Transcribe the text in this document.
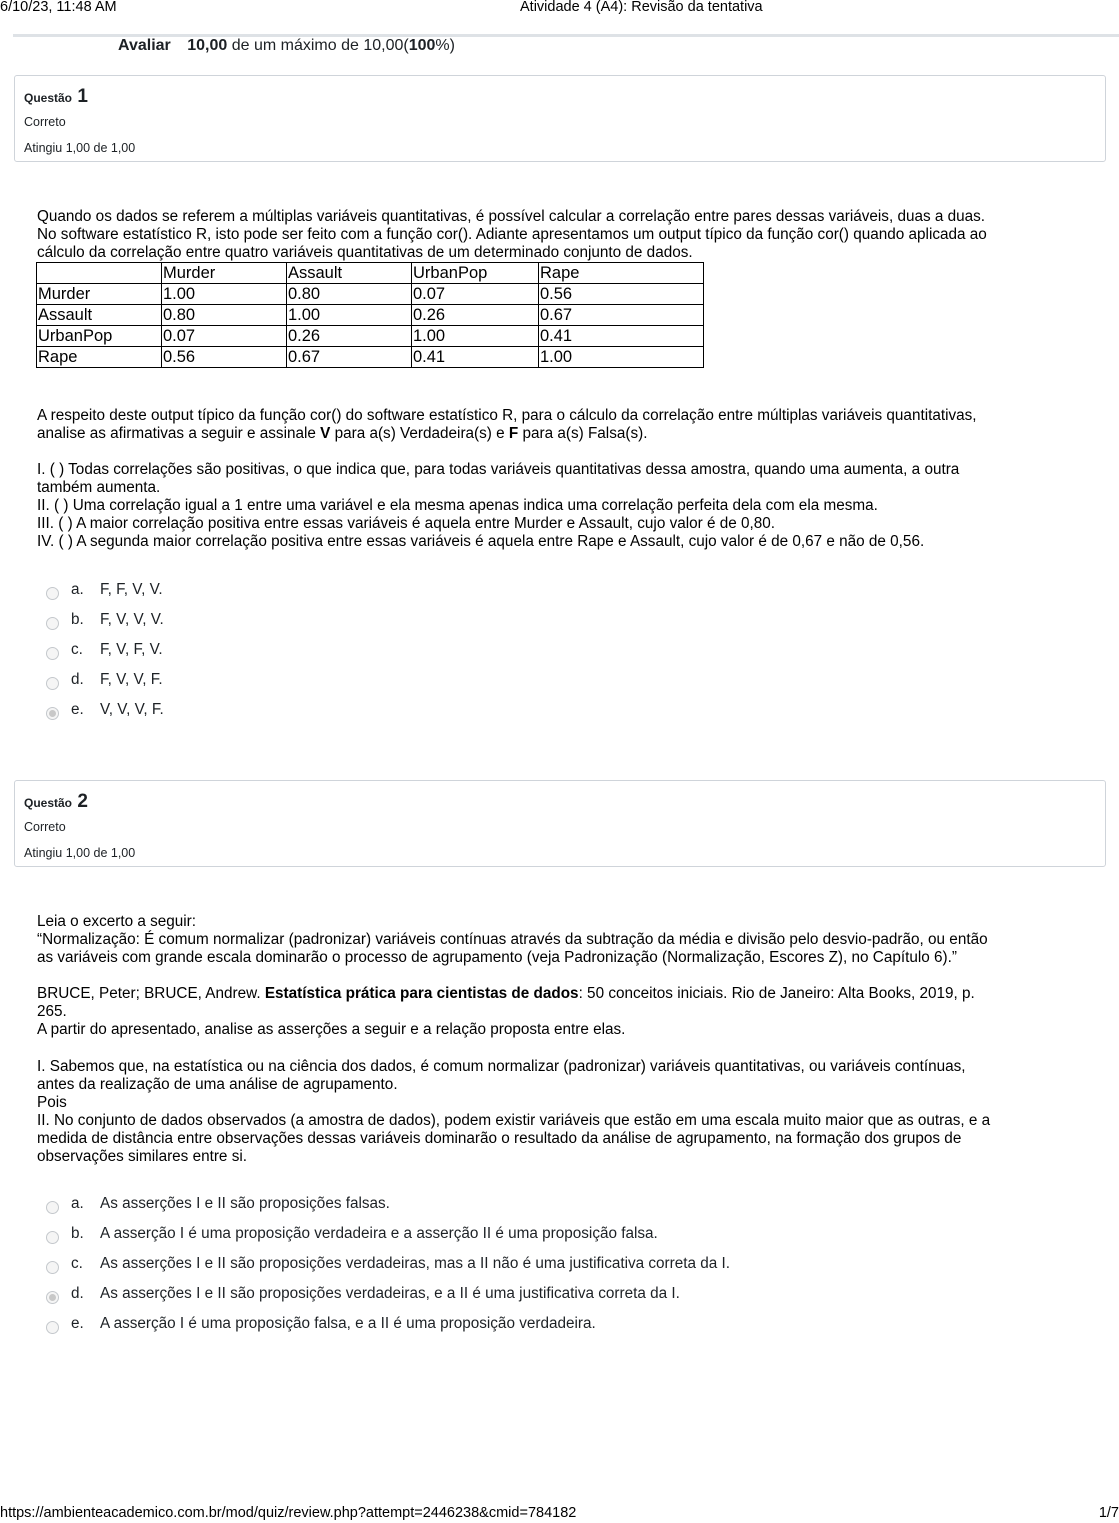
6/10/23, 11:48 AM	Atividade 4 (A4): Revisão da tentativa
Avaliar 10,00 de um máximo de 10,00(100%)
Questão 1
Correto
Atingiu 1,00 de 1,00

Quando os dados se referem a múltiplas variáveis quantitativas, é possível calcular a correlação entre pares dessas variáveis, duas a duas.

No software estatístico R, isto pode ser feito com a função cor(). Adiante apresentamos um output típico da função cor() quando aplicada ao

cálculo da correlação entre quatro variáveis quantitativas de um determinado conjunto de dados.

	Murder	Assault	UrbanPop	Rape
Murder	1.00	0.80	0.07	0.56
Assault	0.80	1.00	0.26	0.67
UrbanPop	0.07	0.26	1.00	0.41
Rape	0.56	0.67	0.41	1.00

A respeito deste output típico da função cor() do software estatístico R, para o cálculo da correlação entre múltiplas variáveis quantitativas,

analise as afirmativas a seguir e assinale V para a(s) Verdadeira(s) e F para a(s) Falsa(s).

I. ( ) Todas correlações são positivas, o que indica que, para todas variáveis quantitativas dessa amostra, quando uma aumenta, a outra

também aumenta.

II. ( ) Uma correlação igual a 1 entre uma variável e ela mesma apenas indica uma correlação perfeita dela com ela mesma.

III. ( ) A maior correlação positiva entre essas variáveis é aquela entre Murder e Assault, cujo valor é de 0,80.

IV. ( ) A segunda maior correlação positiva entre essas variáveis é aquela entre Rape e Assault, cujo valor é de 0,67 e não de 0,56.

a.	F, F, V, V.
b.	F, V, V, V.
c.	F, V, F, V.
d.	F, V, V, F.
e.	V, V, V, F.
Questão 2
Correto
Atingiu 1,00 de 1,00

Leia o excerto a seguir:

“Normalização: É comum normalizar (padronizar) variáveis contínuas através da subtração da média e divisão pelo desvio-padrão, ou então

as variáveis com grande escala dominarão o processo de agrupamento (veja Padronização (Normalização, Escores Z), no Capítulo 6).”

BRUCE, Peter; BRUCE, Andrew. Estatística prática para cientistas de dados: 50 conceitos iniciais. Rio de Janeiro: Alta Books, 2019, p.

265.

A partir do apresentado, analise as asserções a seguir e a relação proposta entre elas.

I. Sabemos que, na estatística ou na ciência dos dados, é comum normalizar (padronizar) variáveis quantitativas, ou variáveis contínuas,

antes da realização de uma análise de agrupamento.

Pois

II. No conjunto de dados observados (a amostra de dados), podem existir variáveis que estão em uma escala muito maior que as outras, e a

medida de distância entre observações dessas variáveis dominarão o resultado da análise de agrupamento, na formação dos grupos de

observações similares entre si.

a.	As asserções I e II são proposições falsas.
b.	A asserção I é uma proposição verdadeira e a asserção II é uma proposição falsa.
c.	As asserções I e II são proposições verdadeiras, mas a II não é uma justificativa correta da I.
d.	As asserções I e II são proposições verdadeiras, e a II é uma justificativa correta da I.
e.	A asserção I é uma proposição falsa, e a II é uma proposição verdadeira.
https://ambienteacademico.com.br/mod/quiz/review.php?attempt=2446238&cmid=784182	1/7
